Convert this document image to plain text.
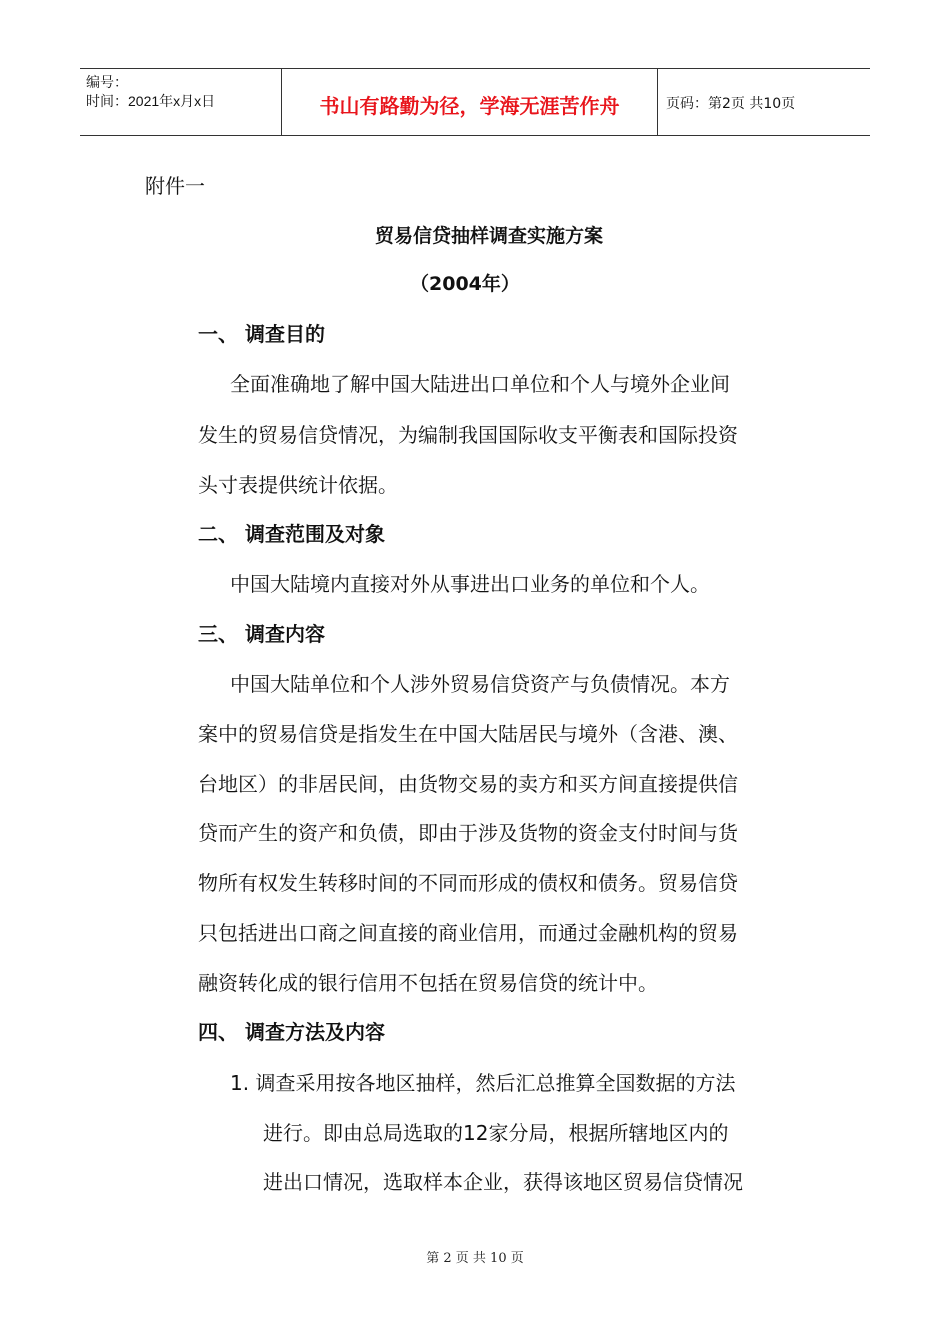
编号：
时间：2021年x月x日	书山有路勤为径，学海无涯苦作舟	页码：第2页 共10页
附件一
贸易信贷抽样调查实施方案
（2004年）
一、 调查目的
全面准确地了解中国大陆进出口单位和个人与境外企业间
发生的贸易信贷情况，为编制我国国际收支平衡表和国际投资
头寸表提供统计依据。
二、 调查范围及对象
中国大陆境内直接对外从事进出口业务的单位和个人。
三、 调查内容
中国大陆单位和个人涉外贸易信贷资产与负债情况。本方
案中的贸易信贷是指发生在中国大陆居民与境外（含港、澳、
台地区）的非居民间，由货物交易的卖方和买方间直接提供信
贷而产生的资产和负债，即由于涉及货物的资金支付时间与货
物所有权发生转移时间的不同而形成的债权和债务。贸易信贷
只包括进出口商之间直接的商业信用，而通过金融机构的贸易
融资转化成的银行信用不包括在贸易信贷的统计中。
四、 调查方法及内容
1. 调查采用按各地区抽样，然后汇总推算全国数据的方法
进行。即由总局选取的12家分局，根据所辖地区内的
进出口情况，选取样本企业，获得该地区贸易信贷情况
第 2 页 共 10 页
